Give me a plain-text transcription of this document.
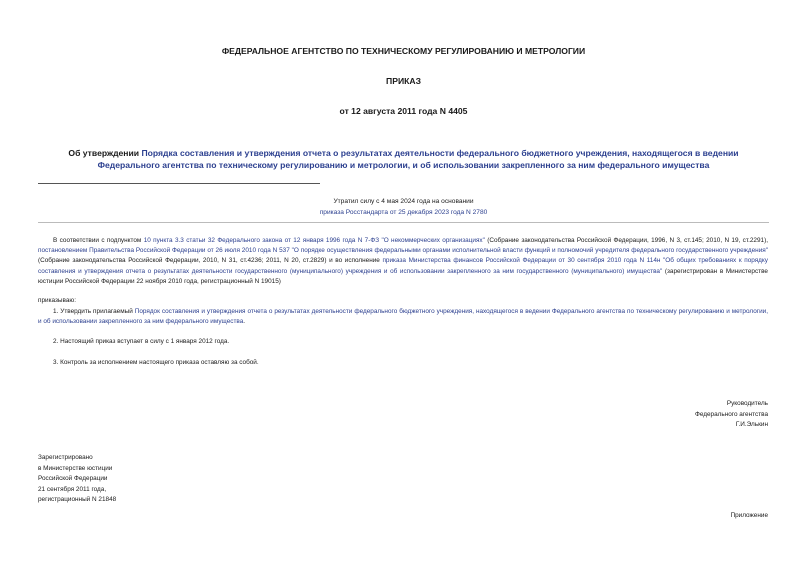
ФЕДЕРАЛЬНОЕ АГЕНТСТВО ПО ТЕХНИЧЕСКОМУ РЕГУЛИРОВАНИЮ И МЕТРОЛОГИИ
ПРИКАЗ
от 12 августа 2011 года N 4405
Об утверждении Порядка составления и утверждения отчета о результатах деятельности федерального бюджетного учреждения, находящегося в ведении Федерального агентства по техническому регулированию и метрологии, и об использовании закрепленного за ним федерального имущества
Утратил силу с 4 мая 2024 года на основании
приказа Росстандарта от 25 декабря 2023 года N 2780
В соответствии с подпунктом 10 пункта 3.3 статьи 32 Федерального закона от 12 января 1996 года N 7-ФЗ "О некоммерческих организациях" (Собрание законодательства Российской Федерации, 1996, N 3, ст.145; 2010, N 19, ст.2291), постановлением Правительства Российской Федерации от 26 июля 2010 года N 537 "О порядке осуществления федеральными органами исполнительной власти функций и полномочий учредителя федерального государственного учреждения" (Собрание законодательства Российской Федерации, 2010, N 31, ст.4236; 2011, N 20, ст.2829) и во исполнение приказа Министерства финансов Российской Федерации от 30 сентября 2010 года N 114н "Об общих требованиях к порядку составления и утверждения отчета о результатах деятельности государственного (муниципального) учреждения и об использовании закрепленного за ним государственного (муниципального) имущества" (зарегистрирован в Министерстве юстиции Российской Федерации 22 ноября 2010 года, регистрационный N 19015)
приказываю:
1. Утвердить прилагаемый Порядок составления и утверждения отчета о результатах деятельности федерального бюджетного учреждения, находящегося в ведении Федерального агентства по техническому регулированию и метрологии, и об использовании закрепленного за ним федерального имущества.
2. Настоящий приказ вступает в силу с 1 января 2012 года.
3. Контроль за исполнением настоящего приказа оставляю за собой.
Руководитель
Федерального агентства
Г.И.Элькин
Зарегистрировано
в Министерстве юстиции
Российской Федерации
21 сентября 2011 года,
регистрационный N 21848
Приложение
